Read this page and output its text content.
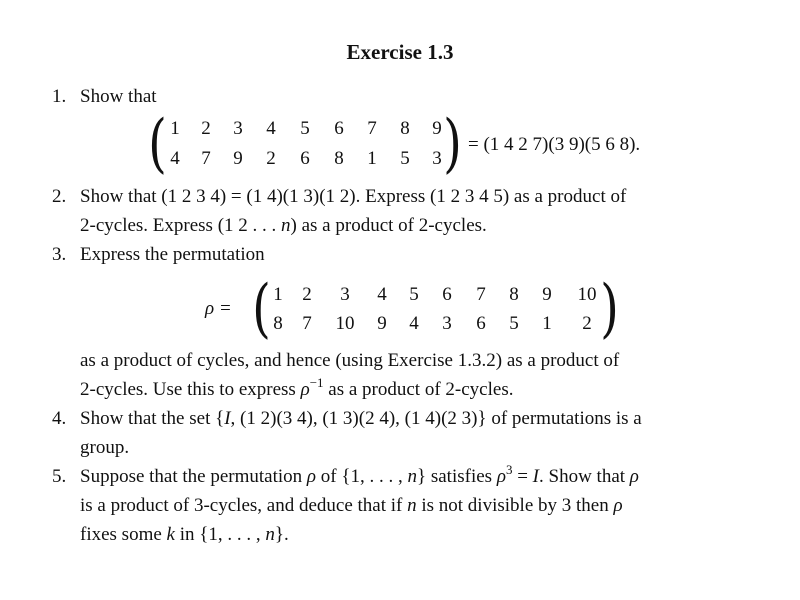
Exercise 1.3
1. Show that
( 1	2	3	4	5	6	7	8	9
4	7	9	2	6	8	1	5	3 ) = (1 4 2 7)(3 9)(5 6 8).
2. Show that (1 2 3 4) = (1 4)(1 3)(1 2). Express (1 2 3 4 5) as a product of
2-cycles. Express (1 2 . . . n) as a product of 2-cycles.
3. Express the permutation
ρ = ( 1	2	3	4	5	6	7	8	9	10
8	7	10	9	4	3	6	5	1	2 )
as a product of cycles, and hence (using Exercise 1.3.2) as a product of
2-cycles. Use this to express $\rho^{-1}$ as a product of 2-cycles.
4. Show that the set {I, (1 2)(3 4), (1 3)(2 4), (1 4)(2 3)} of permutations is a
group.
5. Suppose that the permutation ρ of {1, . . . , n} satisfies $\rho^3 = I$. Show that ρ
is a product of 3-cycles, and deduce that if n is not divisible by 3 then ρ
fixes some k in {1, . . . , n}.
